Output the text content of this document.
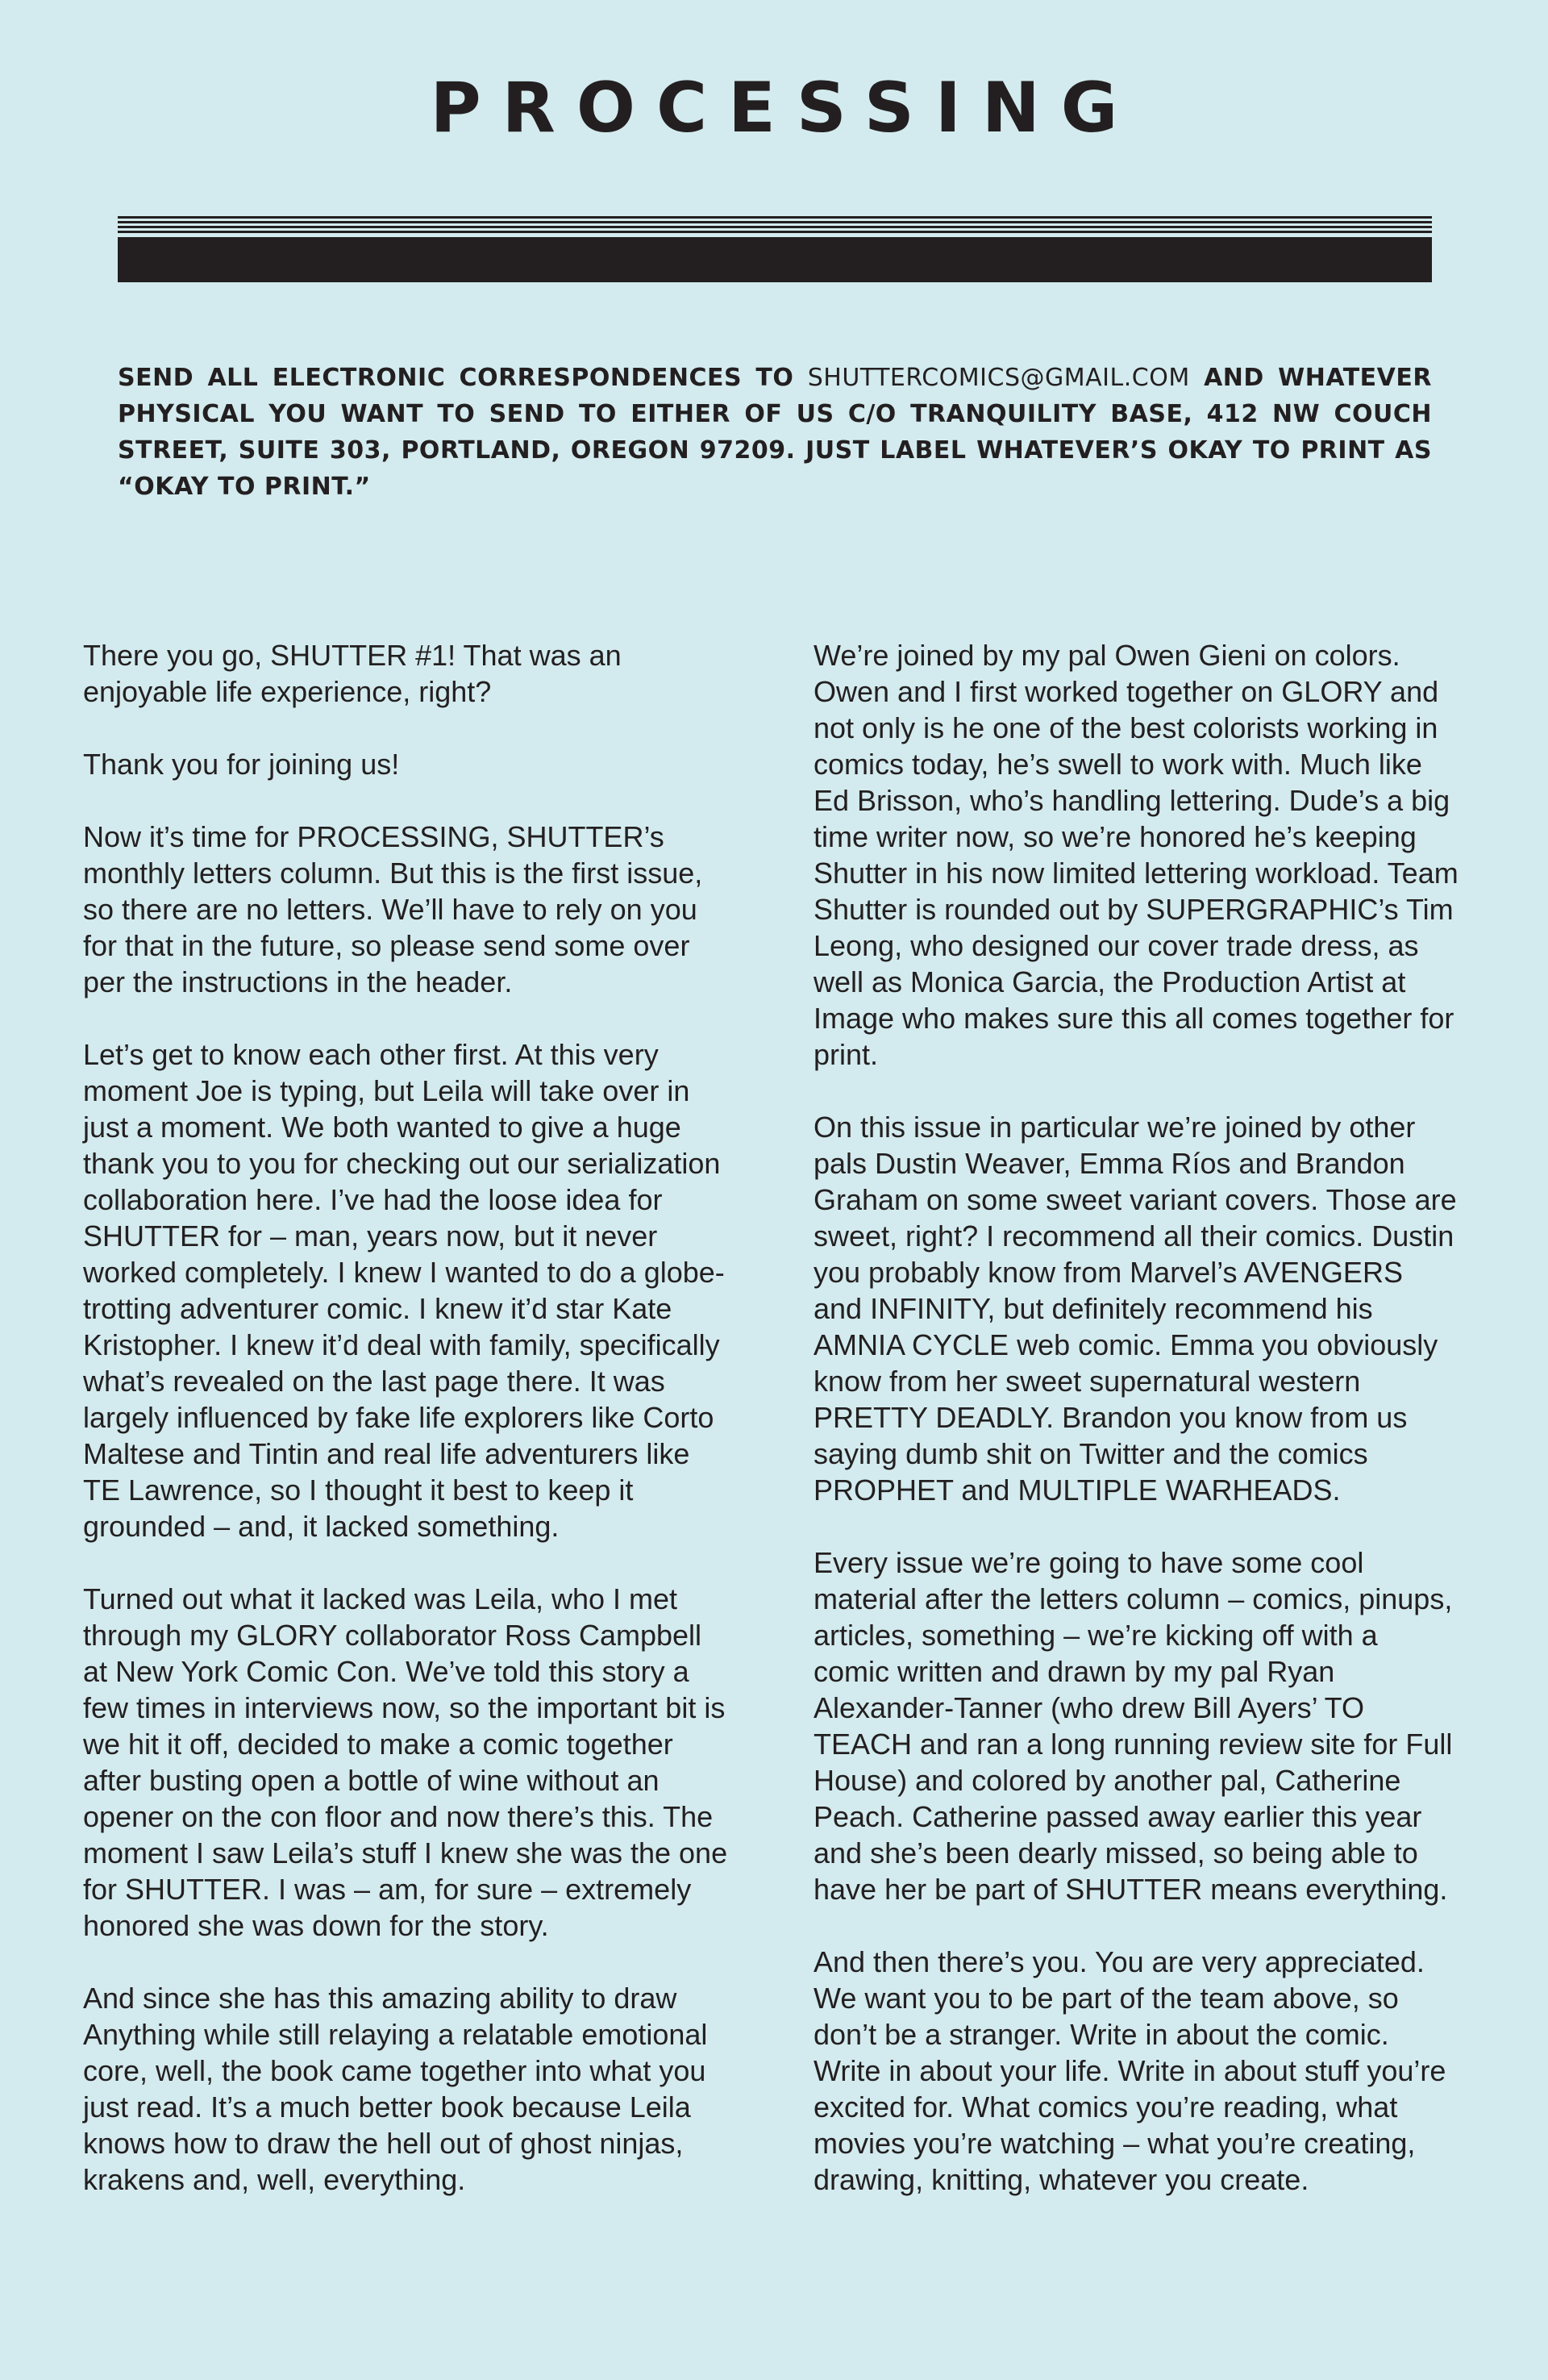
PROCESSING

SEND ALL ELECTRONIC CORRESPONDENCES TO SHUTTERCOMICS@GMAIL.COM AND WHATEVER PHYSICAL YOU WANT TO SEND TO EITHER OF US C/O TRANQUILITY BASE, 412 NW COUCH STREET, SUITE 303, PORTLAND, OREGON 97209. JUST LABEL WHATEVER’S OKAY TO PRINT AS “OKAY TO PRINT.”

There you go, SHUTTER #1! That was an enjoyable life experience, right?

Thank you for joining us!

Now it’s time for PROCESSING, SHUTTER’s monthly letters column. But this is the first issue, so there are no letters. We’ll have to rely on you for that in the future, so please send some over per the instructions in the header.

Let’s get to know each other first. At this very moment Joe is typing, but Leila will take over in just a moment. We both wanted to give a huge thank you to you for checking out our serialization collaboration here. I’ve had the loose idea for SHUTTER for – man, years now, but it never worked completely. I knew I wanted to do a globe-trotting adventurer comic. I knew it’d star Kate Kristopher. I knew it’d deal with family, specifically what’s revealed on the last page there. It was largely influenced by fake life explorers like Corto Maltese and Tintin and real life adventurers like TE Lawrence, so I thought it best to keep it grounded – and, it lacked something.

Turned out what it lacked was Leila, who I met through my GLORY collaborator Ross Campbell at New York Comic Con. We’ve told this story a few times in interviews now, so the important bit is we hit it off, decided to make a comic together after busting open a bottle of wine without an opener on the con floor and now there’s this. The moment I saw Leila’s stuff I knew she was the one for SHUTTER. I was – am, for sure – extremely honored she was down for the story.

And since she has this amazing ability to draw Anything while still relaying a relatable emotional core, well, the book came together into what you just read. It’s a much better book because Leila knows how to draw the hell out of ghost ninjas, krakens and, well, everything.

We’re joined by my pal Owen Gieni on colors. Owen and I first worked together on GLORY and not only is he one of the best colorists working in comics today, he’s swell to work with. Much like Ed Brisson, who’s handling lettering. Dude’s a big time writer now, so we’re honored he’s keeping Shutter in his now limited lettering workload. Team Shutter is rounded out by SUPERGRAPHIC’s Tim Leong, who designed our cover trade dress, as well as Monica Garcia, the Production Artist at Image who makes sure this all comes together for print.

On this issue in particular we’re joined by other pals Dustin Weaver, Emma Ríos and Brandon Graham on some sweet variant covers. Those are sweet, right? I recommend all their comics. Dustin you probably know from Marvel’s AVENGERS and INFINITY, but definitely recommend his AMNIA CYCLE web comic. Emma you obviously know from her sweet supernatural western PRETTY DEADLY. Brandon you know from us saying dumb shit on Twitter and the comics PROPHET and MULTIPLE WARHEADS.

Every issue we’re going to have some cool material after the letters column – comics, pinups, articles, something – we’re kicking off with a comic written and drawn by my pal Ryan Alexander-Tanner (who drew Bill Ayers’ TO TEACH and ran a long running review site for Full House) and colored by another pal, Catherine Peach. Catherine passed away earlier this year and she’s been dearly missed, so being able to have her be part of SHUTTER means everything.

And then there’s you. You are very appreciated. We want you to be part of the team above, so don’t be a stranger. Write in about the comic. Write in about your life. Write in about stuff you’re excited for. What comics you’re reading, what movies you’re watching – what you’re creating, drawing, knitting, whatever you create.
